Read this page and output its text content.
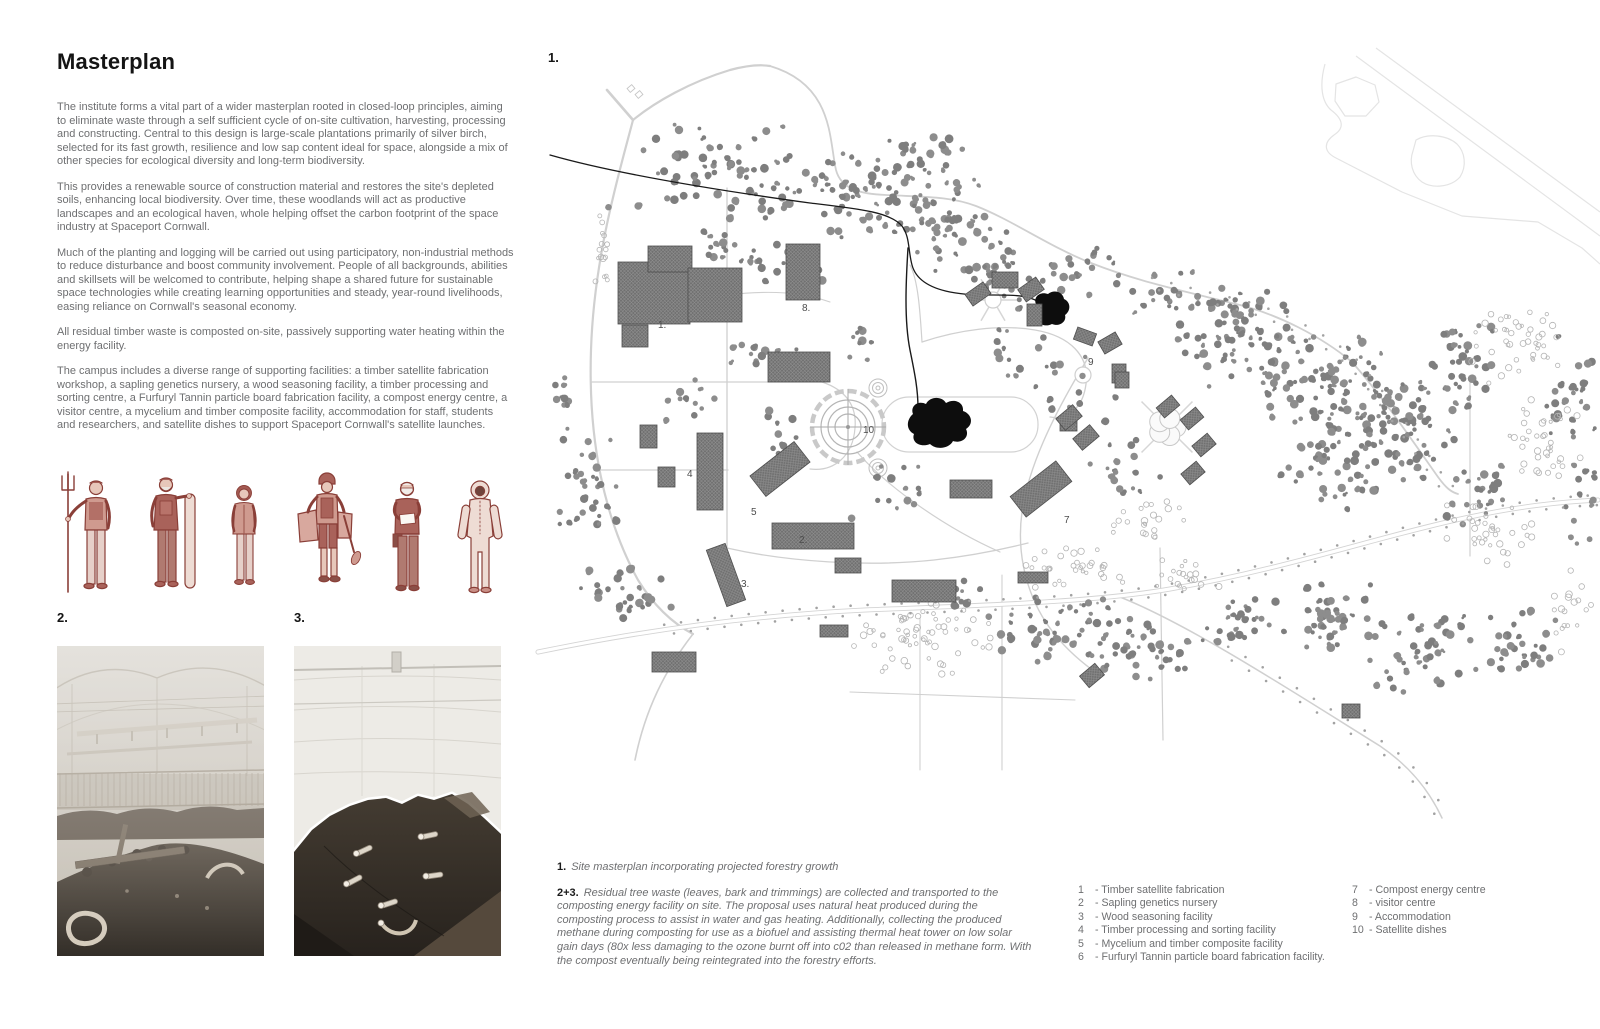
Masterplan

The institute forms a vital part of a wider masterplan rooted in closed-loop principles, aiming to eliminate waste through a self sufficient cycle of on-site cultivation, harvesting, processing and constructing. Central to this design is large-scale plantations primarily of silver birch, selected for its fast growth, resilience and low sap content ideal for space, alongside a mix of other species for ecological diversity and long-term biodiversity.

This provides a renewable source of construction material and restores the site's depleted soils, enhancing local biodiversity. Over time, these woodlands will act as productive landscapes and an ecological haven, whole helping offset the carbon footprint of the space industry at Spaceport Cornwall.

Much of the planting and logging will be carried out using participatory, non-industrial methods to reduce disturbance and boost community involvement. People of all backgrounds, abilities and skillsets will be welcomed to contribute, helping shape a shared future for sustainable space technologies while creating learning opportunities and steady, year-round livelihoods, easing reliance on Cornwall's seasonal economy.

All residual timber waste is composted on-site, passively supporting water heating within the energy facility.

The campus includes a diverse range of supporting facilities: a timber satellite fabrication workshop, a sapling genetics nursery, a wood seasoning facility, a timber processing and sorting centre, a Furfuryl Tannin particle board fabrication facility, a compost energy centre, a visitor centre, a mycelium and timber composite facility, accommodation for staff, students and researchers, and satellite dishes to support Spaceport Cornwall's satellite launches.

2.	3.
1.
1.
8.
4
5
2.
3.
10
9
7
1. Site masterplan incorporating projected forestry growth
2+3. Residual tree waste (leaves, bark and trimmings) are collected and transported to the composting energy facility on site. The proposal uses natural heat produced during the composting process to assist in water and gas heating. Additionally, collecting the produced methane during composting for use as a biofuel and assisting thermal heat tower on low solar gain days (80x less damaging to the ozone burnt off into c02 than released in methane form. With the compost eventually being reintegrated into the forestry efforts.
1	- Timber satellite fabrication
2	- Sapling genetics nursery
3	- Wood seasoning facility
4	- Timber processing and sorting facility
5	- Mycelium and timber composite facility
6	- Furfuryl Tannin particle board fabrication facility.
7	- Compost energy centre
8	- visitor centre
9	- Accommodation
10 - Satellite dishes
